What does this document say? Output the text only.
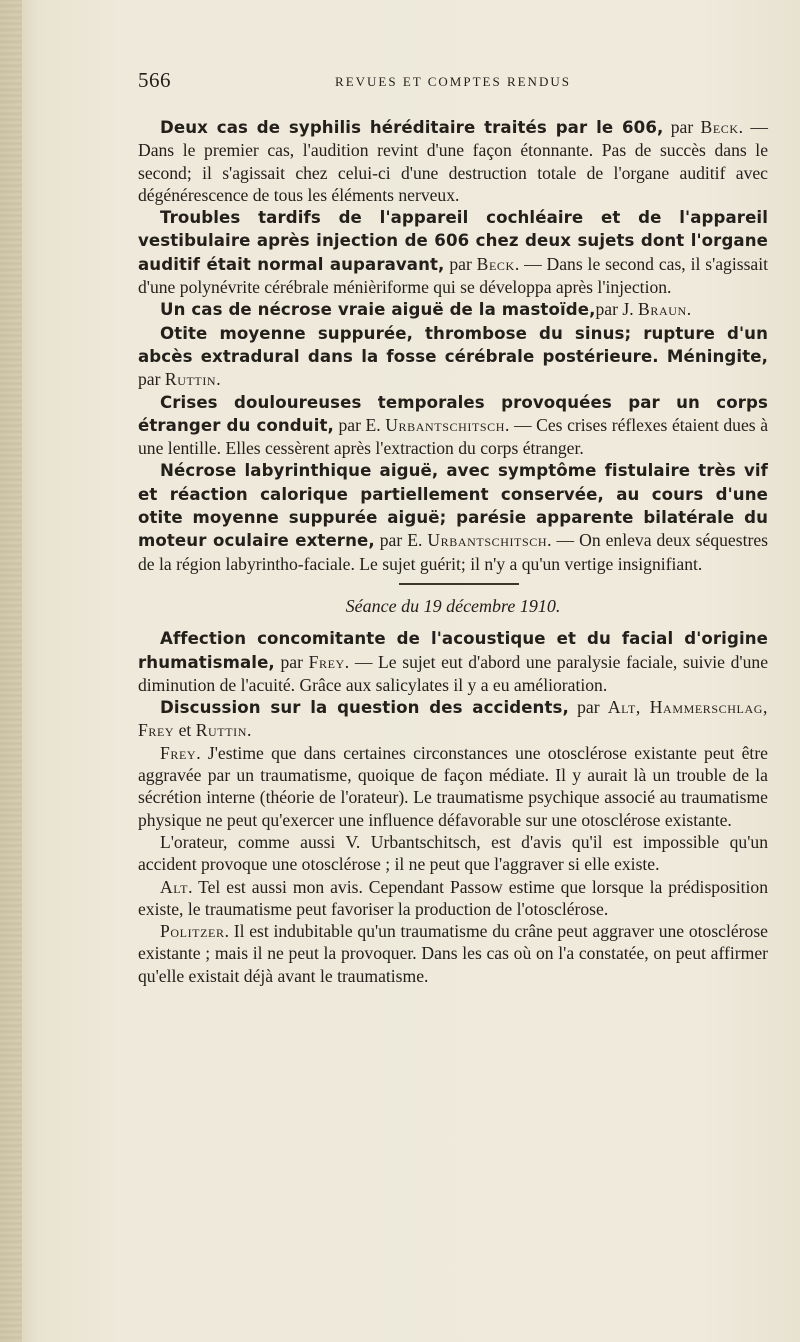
566	REVUES ET COMPTES RENDUS

Deux cas de syphilis héréditaire traités par le 606, par Beck. — Dans le premier cas, l'audition revint d'une façon étonnante. Pas de succès dans le second; il s'agissait chez celui-ci d'une destruction totale de l'organe auditif avec dégénérescence de tous les éléments nerveux.

Troubles tardifs de l'appareil cochléaire et de l'appareil vestibulaire après injection de 606 chez deux sujets dont l'organe auditif était normal auparavant, par Beck. — Dans le second cas, il s'agissait d'une polynévrite cérébrale ménièriforme qui se développa après l'injection.

Un cas de nécrose vraie aiguë de la mastoïde,par J. Braun.

Otite moyenne suppurée, thrombose du sinus; rupture d'un abcès extradural dans la fosse cérébrale postérieure. Méningite, par Ruttin.

Crises douloureuses temporales provoquées par un corps étranger du conduit, par E. Urbantschitsch. — Ces crises réflexes étaient dues à une lentille. Elles cessèrent après l'extraction du corps étranger.

Nécrose labyrinthique aiguë, avec symptôme fistulaire très vif et réaction calorique partiellement conservée, au cours d'une otite moyenne suppurée aiguë; parésie apparente bilatérale du moteur oculaire externe, par E. Urbantschitsch. — On enleva deux séquestres de la région labyrintho-faciale. Le sujet guérit; il n'y a qu'un vertige insignifiant.

Séance du 19 décembre 1910.

Affection concomitante de l'acoustique et du facial d'origine rhumatismale, par Frey. — Le sujet eut d'abord une paralysie faciale, suivie d'une diminution de l'acuité. Grâce aux salicylates il y a eu amélioration.

Discussion sur la question des accidents, par Alt, Hammerschlag, Frey et Ruttin.

Frey. J'estime que dans certaines circonstances une otosclérose existante peut être aggravée par un traumatisme, quoique de façon médiate. Il y aurait là un trouble de la sécrétion interne (théorie de l'orateur). Le traumatisme psychique associé au traumatisme physique ne peut qu'exercer une influence défavorable sur une otosclérose existante.

L'orateur, comme aussi V. Urbantschitsch, est d'avis qu'il est impossible qu'un accident provoque une otosclérose ; il ne peut que l'aggraver si elle existe.

Alt. Tel est aussi mon avis. Cependant Passow estime que lorsque la prédisposition existe, le traumatisme peut favoriser la production de l'otosclérose.

Politzer. Il est indubitable qu'un traumatisme du crâne peut aggraver une otosclérose existante ; mais il ne peut la provoquer. Dans les cas où on l'a constatée, on peut affirmer qu'elle existait déjà avant le traumatisme.
